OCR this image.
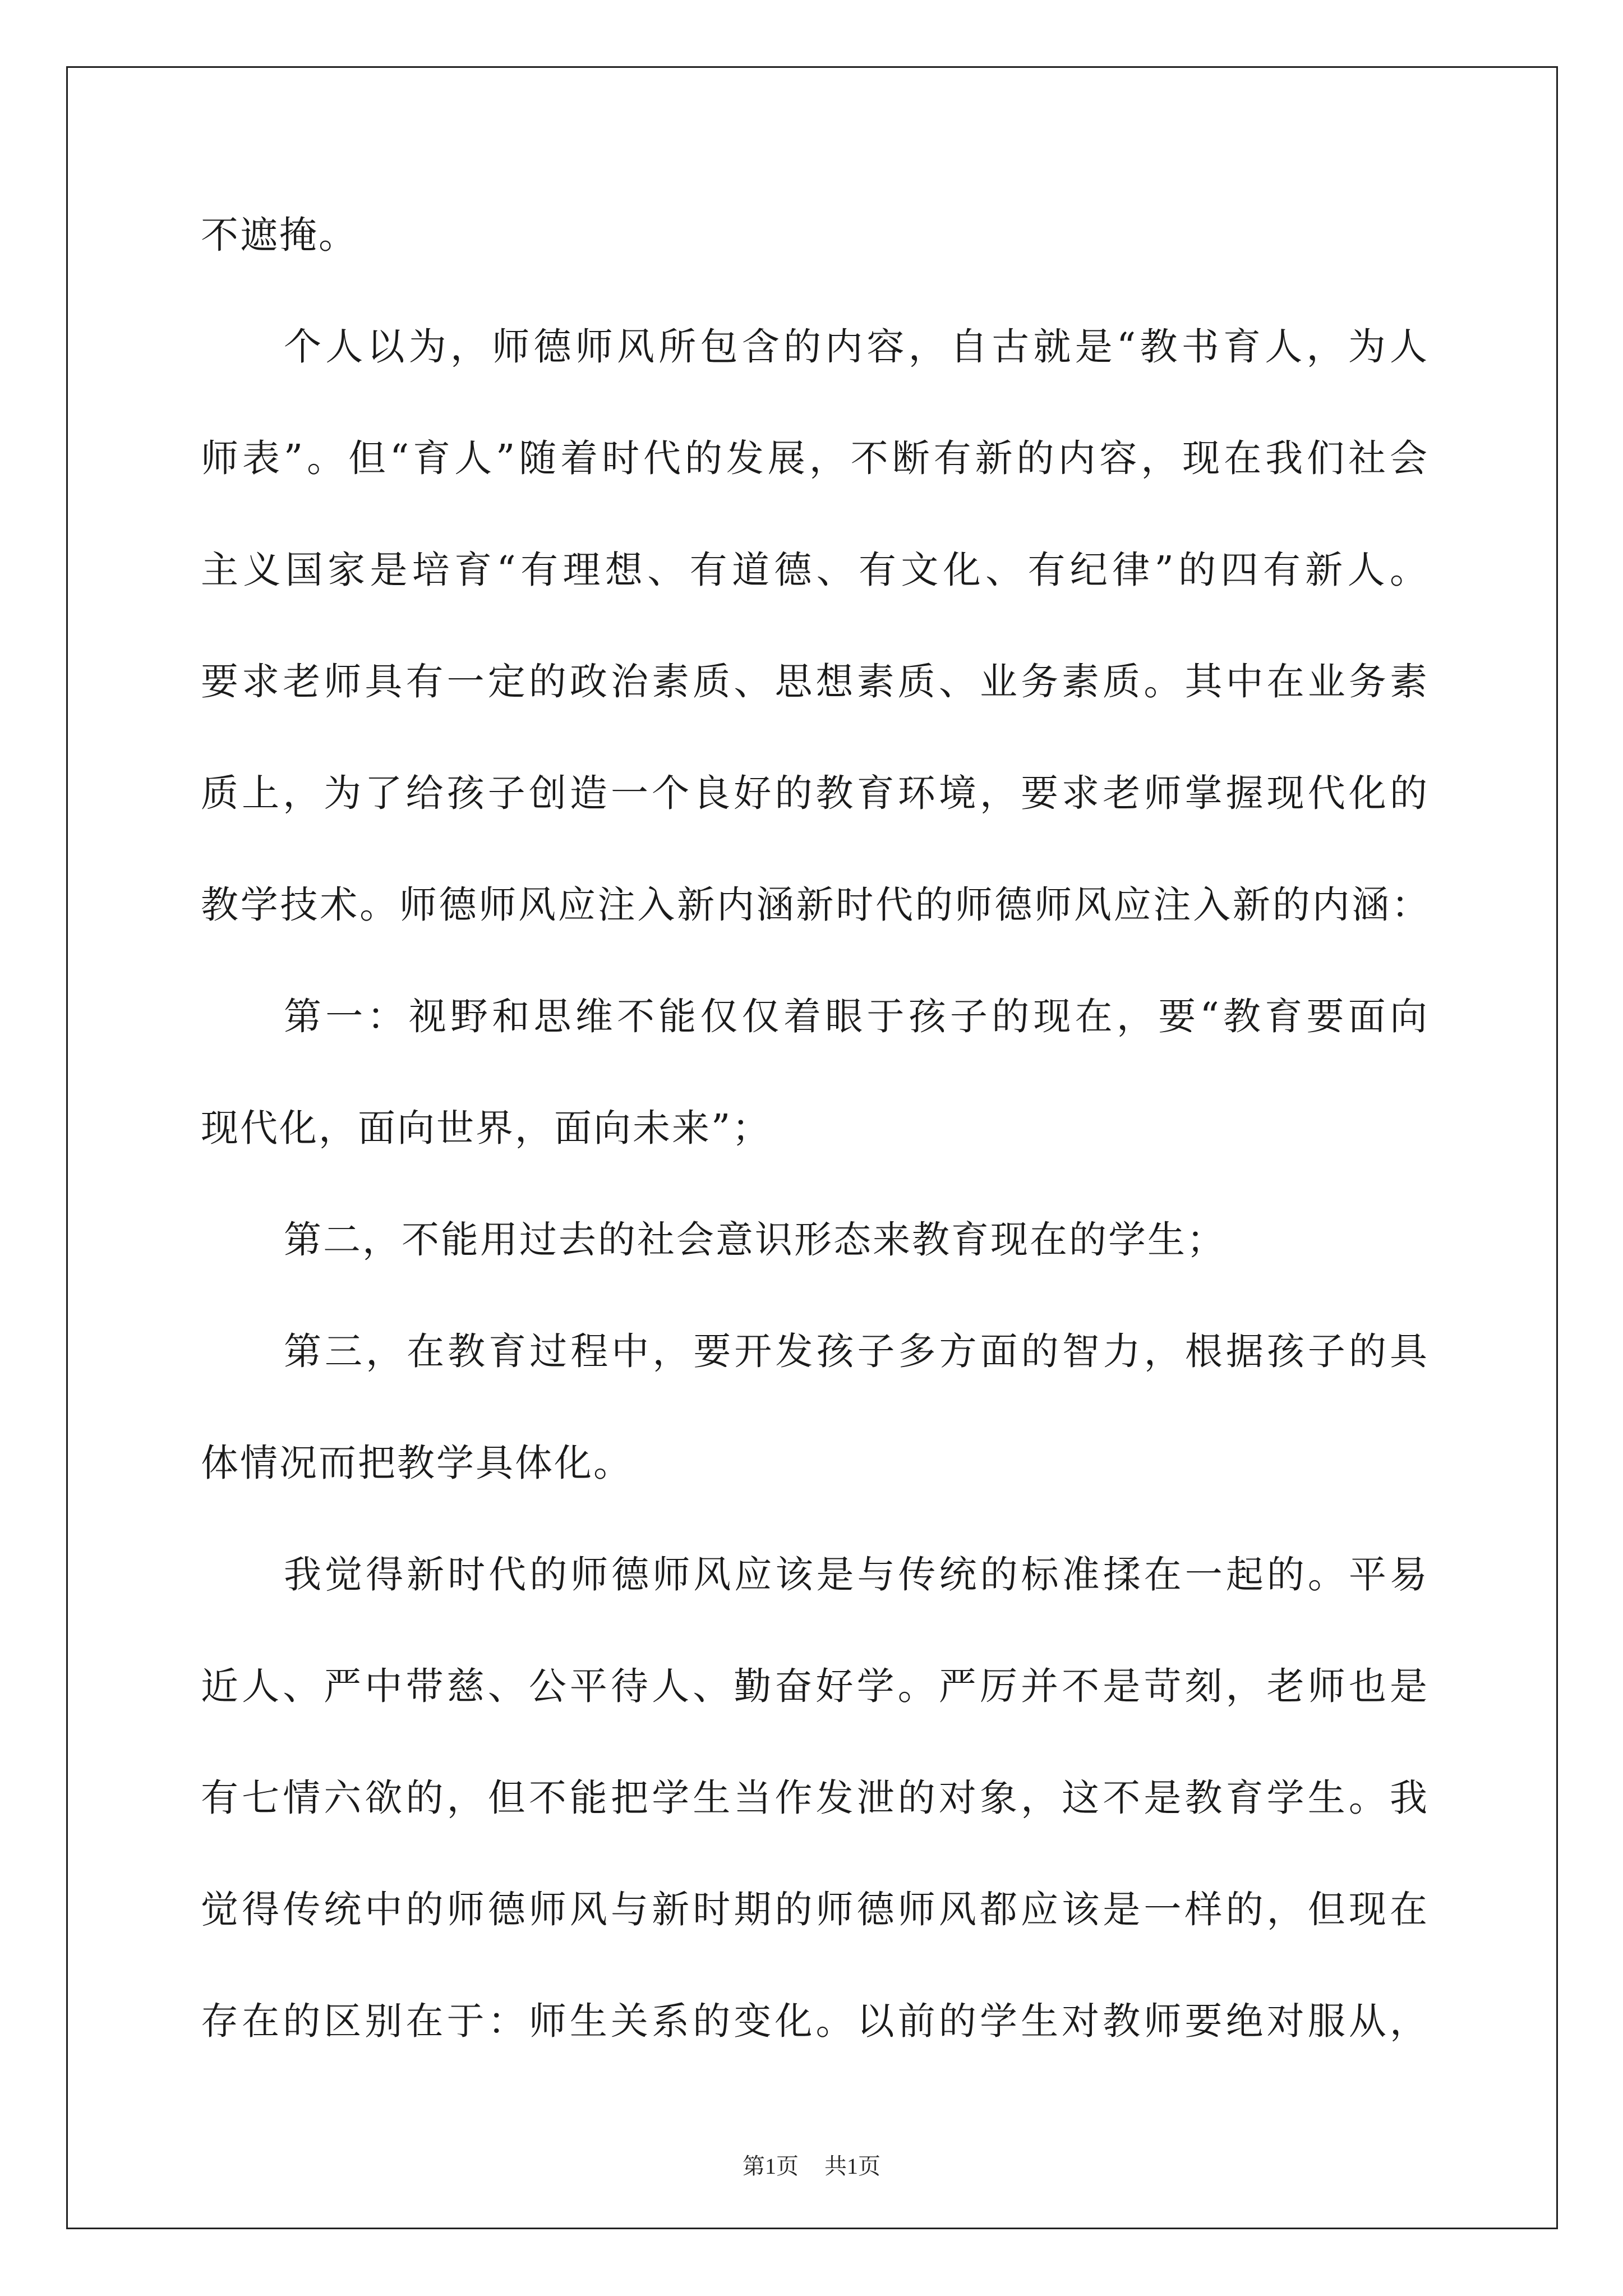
不遮掩。
个人以为，师德师风所包含的内容，自古就是“教书育人，为人
师表”。但“育人”随着时代的发展，不断有新的内容，现在我们社会
主义国家是培育“有理想、有道德、有文化、有纪律”的四有新人。
要求老师具有一定的政治素质、思想素质、业务素质。其中在业务素
质上，为了给孩子创造一个良好的教育环境，要求老师掌握现代化的
教学技术。师德师风应注入新内涵新时代的师德师风应注入新的内涵：
第一：视野和思维不能仅仅着眼于孩子的现在，要“教育要面向
现代化，面向世界，面向未来”；
第二，不能用过去的社会意识形态来教育现在的学生；
第三，在教育过程中，要开发孩子多方面的智力，根据孩子的具
体情况而把教学具体化。
我觉得新时代的师德师风应该是与传统的标准揉在一起的。平易
近人、严中带慈、公平待人、勤奋好学。严厉并不是苛刻，老师也是
有七情六欲的，但不能把学生当作发泄的对象，这不是教育学生。我
觉得传统中的师德师风与新时期的师德师风都应该是一样的，但现在
存在的区别在于：师生关系的变化。以前的学生对教师要绝对服从，
第1页 共1页
